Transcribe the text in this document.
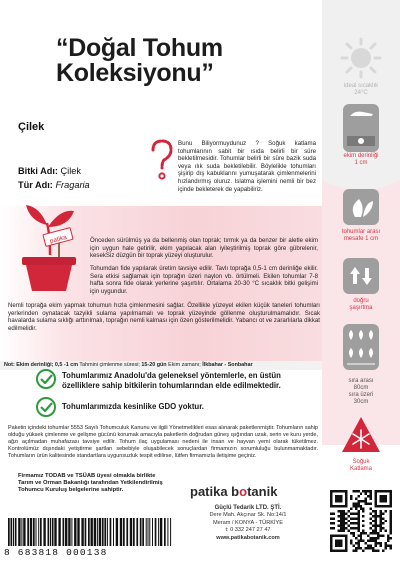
“Doğal Tohum
Koleksiyonu”
Çilek
Bitki Adı: Çilek
Tür Adı: Fragaria
Bunu Biliyormuydunuz ? Soğuk katlama tohumlarının sabit bir ısıda belirli bir süre bekletilmesidir. Tohumlar belirli bir süre bazik suda veya ılık suda bekletilebilir. Böylelikle tohumları şişirip dış kabuklarını yumuşatarak çimlenmelerini hızlandırmış oluruz. Islatma işlemini nemli bir bez içinde bekleterek de yapabiliriz.
patika	Önceden sürülmüş ya da bellenmiş olan toprak; tırmık ya da benzer bir aletle ekim için uygun hale getirilir, ekim yapılacak alan iyileştirilmiş toprak göre gübrelenir, kesekSiz düzgün bir toprak yüzeyi oluşturulur.
Tohumdan fide yapılarak üretim tavsiye edilir. Tavlı toprağa 0,5-1 cm derinliğe ekilir. Sera etkisi sağlamak için toprağın üzeri naylon vb. örtülmeli. Ekilen tohumlar 7-8 hafta sonra fide olarak yerlerine şaşırtılır. Ortalama 20-30 °C sıcaklık bitki gelişimi için uygundur.
Nemli toprağa ekim yapmak tohumun hızla çimlenmesini sağlar. Özellikle yüzeyel ekilen küçük taneleri tohumları yerlerinden oynatacak tazyikli sulama yapılmamalı ve toprak yüzeyinde göllenme oluşturulmamalıdır. Sıcak havalarda sulama sıklığı arttırılmalı, toprağın nemli kalması için özen gösterilmelidir. Yabancı ot ve zararlılarla dikkat edilmelidir.
Not: Ekim derinliği; 0,5 -1 cm Tahmini çimlenme süresi; 15-20 gün Ekim zamanı; İlkbahar - Sonbahar
Tohumlarımız Anadolu'da geleneksel yöntemlerle, en üstün özelliklere sahip bitkilerin tohumlarından elde edilmektedir.
Tohumlarımızda kesinlike GDO yoktur.
Paketin içindeki tohumlar 5553 Sayılı Tohumculuk Kanunu ve ilgili Yönetmelikleri esas alınarak paketlenmiştir. Tohumların sahip olduğu yüksek çimlenme ve gelişme gücünü korumak amacıyla paketlerin doğrudan güneş ışığından uzak, serin ve kuru yerde, ağzı açılmadan muhafazası tavsiye edilir. Tohum ilaç uygulaması nedeni ile insan ve hayvan yemi olarak tüketilmez. Kontrolümüz dışındaki yetiştirme şartları sebebiyle oluşabilecek sonuçlardan firmamızın sorumluluğu bulunmamaktadır. Tohumların ürün kalitesinde standartlara uygunsuzluk tespit edilirse, lütfen firmamızla iletişime geçiniz.
Firmamız TODAB ve TSÜAB üyesi olmakla birlikte Tarım ve Orman Bakanlığı tarafından Yetkilendirilmiş Tohumcu Kuruluş belgelerine sahiptir.	patika botanik
Güçlü Tedarik LTD. ŞTİ.
Dere Mah. Akçınar Sk. No:14/1
Meram / KONYA - TÜRKİYE
t: 0 332 247 27 47
www.patikabotanik.com
8 683818 000138
ideal sıcaklık
24°C
ekim derinliği
1 cm
tohumlar arası
mesafe 1 cm
doğru
şaşırtma
sıra arası
80cm
sıra üzeri
30cm
Soğuk
Katlama
